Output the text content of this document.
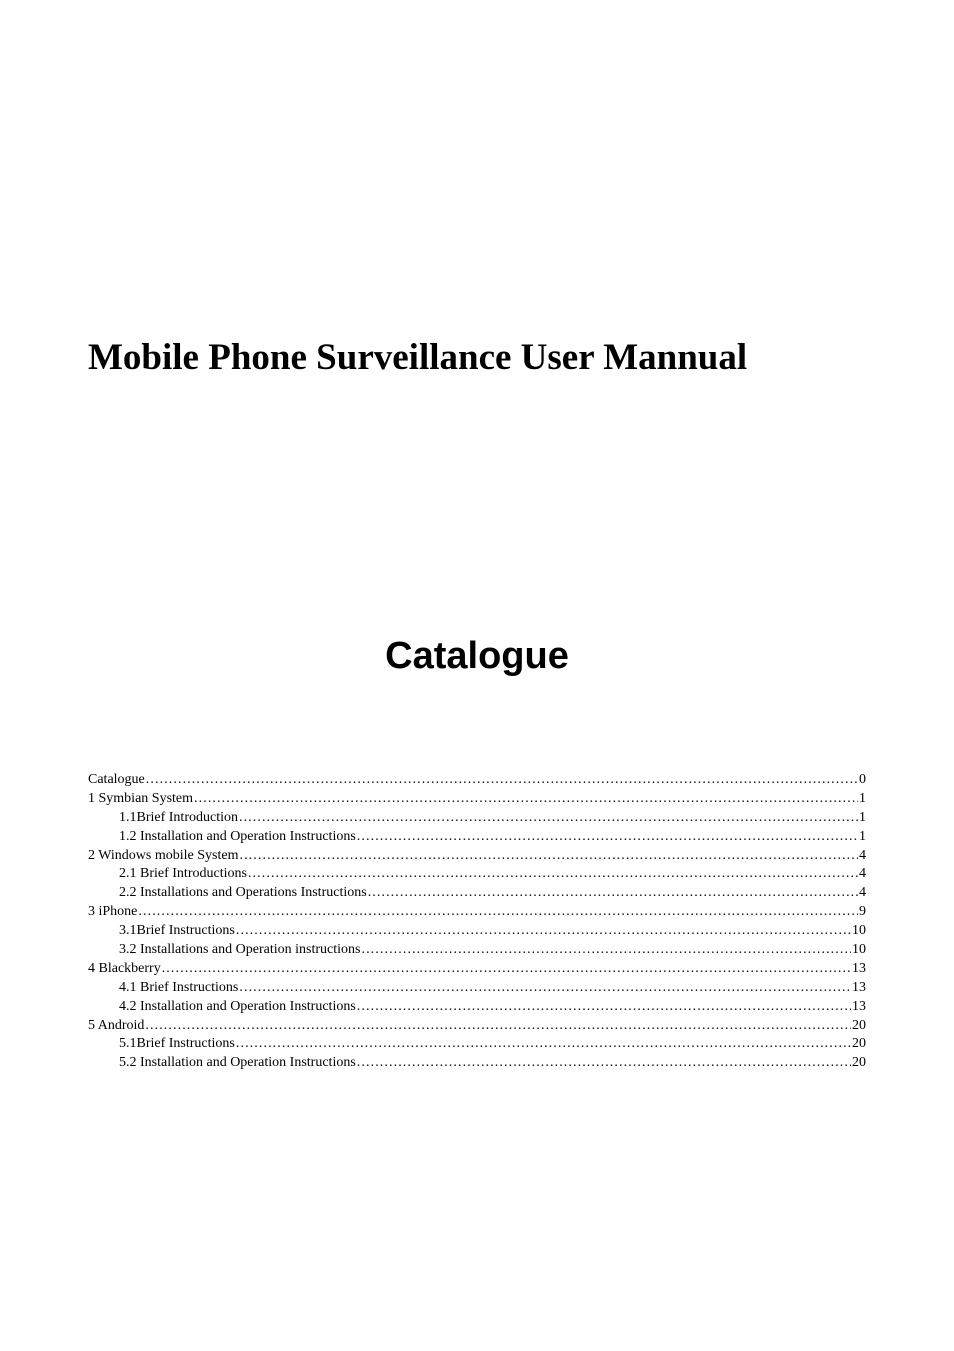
Mobile Phone Surveillance User Mannual
Catalogue
Catalogue .....	0
1 Symbian System .....	1
1.1Brief Introduction .....	1
1.2 Installation and Operation Instructions .....	1
2 Windows mobile System .....	4
2.1 Brief Introductions .....	4
2.2 Installations and Operations Instructions .....	4
3 iPhone .....	9
3.1Brief Instructions .....	10
3.2 Installations and Operation instructions .....	10
4 Blackberry .....	13
4.1 Brief Instructions .....	13
4.2 Installation and Operation Instructions .....	13
5 Android .....	20
5.1Brief Instructions .....	20
5.2 Installation and Operation Instructions .....	20
